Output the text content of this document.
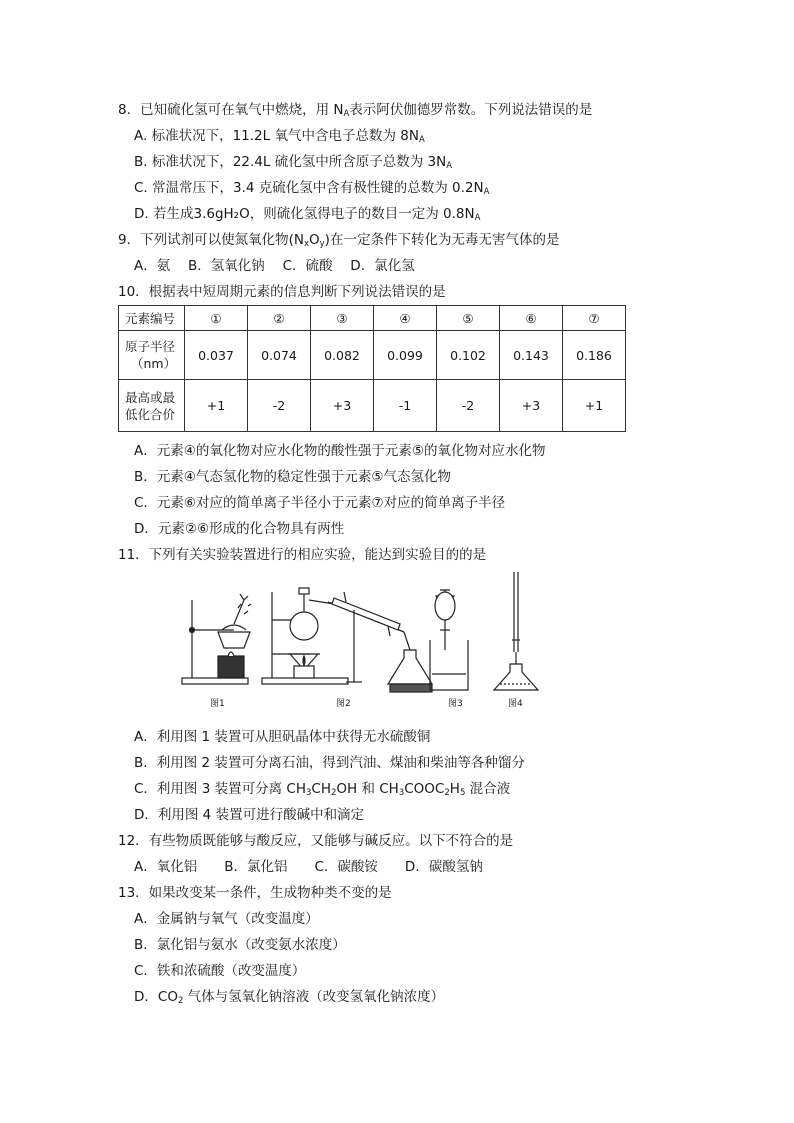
8．已知硫化氢可在氧气中燃烧，用 $N_A$表示阿伏伽德罗常数。下列说法错误的是
A. 标准状况下，11.2L 氧气中含电子总数为 $8N_A$
B. 标准状况下，22.4L 硫化氢中所含原子总数为 $3N_A$
C. 常温常压下，3.4 克硫化氢中含有极性键的总数为 $0.2N_A$
D. 若生成3.6gH₂O，则硫化氢得电子的数目一定为 $0.8N_A$
9．下列试剂可以使氮氧化物$(N_xO_y)$在一定条件下转化为无毒无害气体的是
A．氨　 B．氢氧化钠　 C．硫酸　 D．氯化氢
10．根据表中短周期元素的信息判断下列说法错误的是
元素编号	①	②	③	④	⑤	⑥	⑦
原子半径
（nm）	0.037	0.074	0.082	0.099	0.102	0.143	0.186
最高或最
低化合价	+1	-2	+3	-1	-2	+3	+1
A．元素④的氧化物对应水化物的酸性强于元素⑤的氧化物对应水化物
B．元素④气态氢化物的稳定性强于元素⑤气态氢化物
C．元素⑥对应的简单离子半径小于元素⑦对应的简单离子半径
D．元素②⑥形成的化合物具有两性
11．下列有关实验装置进行的相应实验，能达到实验目的的是
图1	图2	图3	图4
A．利用图 1 装置可从胆矾晶体中获得无水硫酸铜
B．利用图 2 装置可分离石油，得到汽油、煤油和柴油等各种馏分
C．利用图 3 装置可分离 $CH_3CH_2OH$ 和 $CH_3COOC_2H_5$ 混合液
D．利用图 4 装置可进行酸碱中和滴定
12．有些物质既能够与酸反应，又能够与碱反应。以下不符合的是
A．氧化铝　　B．氯化铝　　C．碳酸铵　　D．碳酸氢钠
13．如果改变某一条件，生成物种类不变的是
A．金属钠与氧气（改变温度）
B．氯化铝与氨水（改变氨水浓度）
C．铁和浓硫酸（改变温度）
D．$CO_2$ 气体与氢氧化钠溶液（改变氢氧化钠浓度）
